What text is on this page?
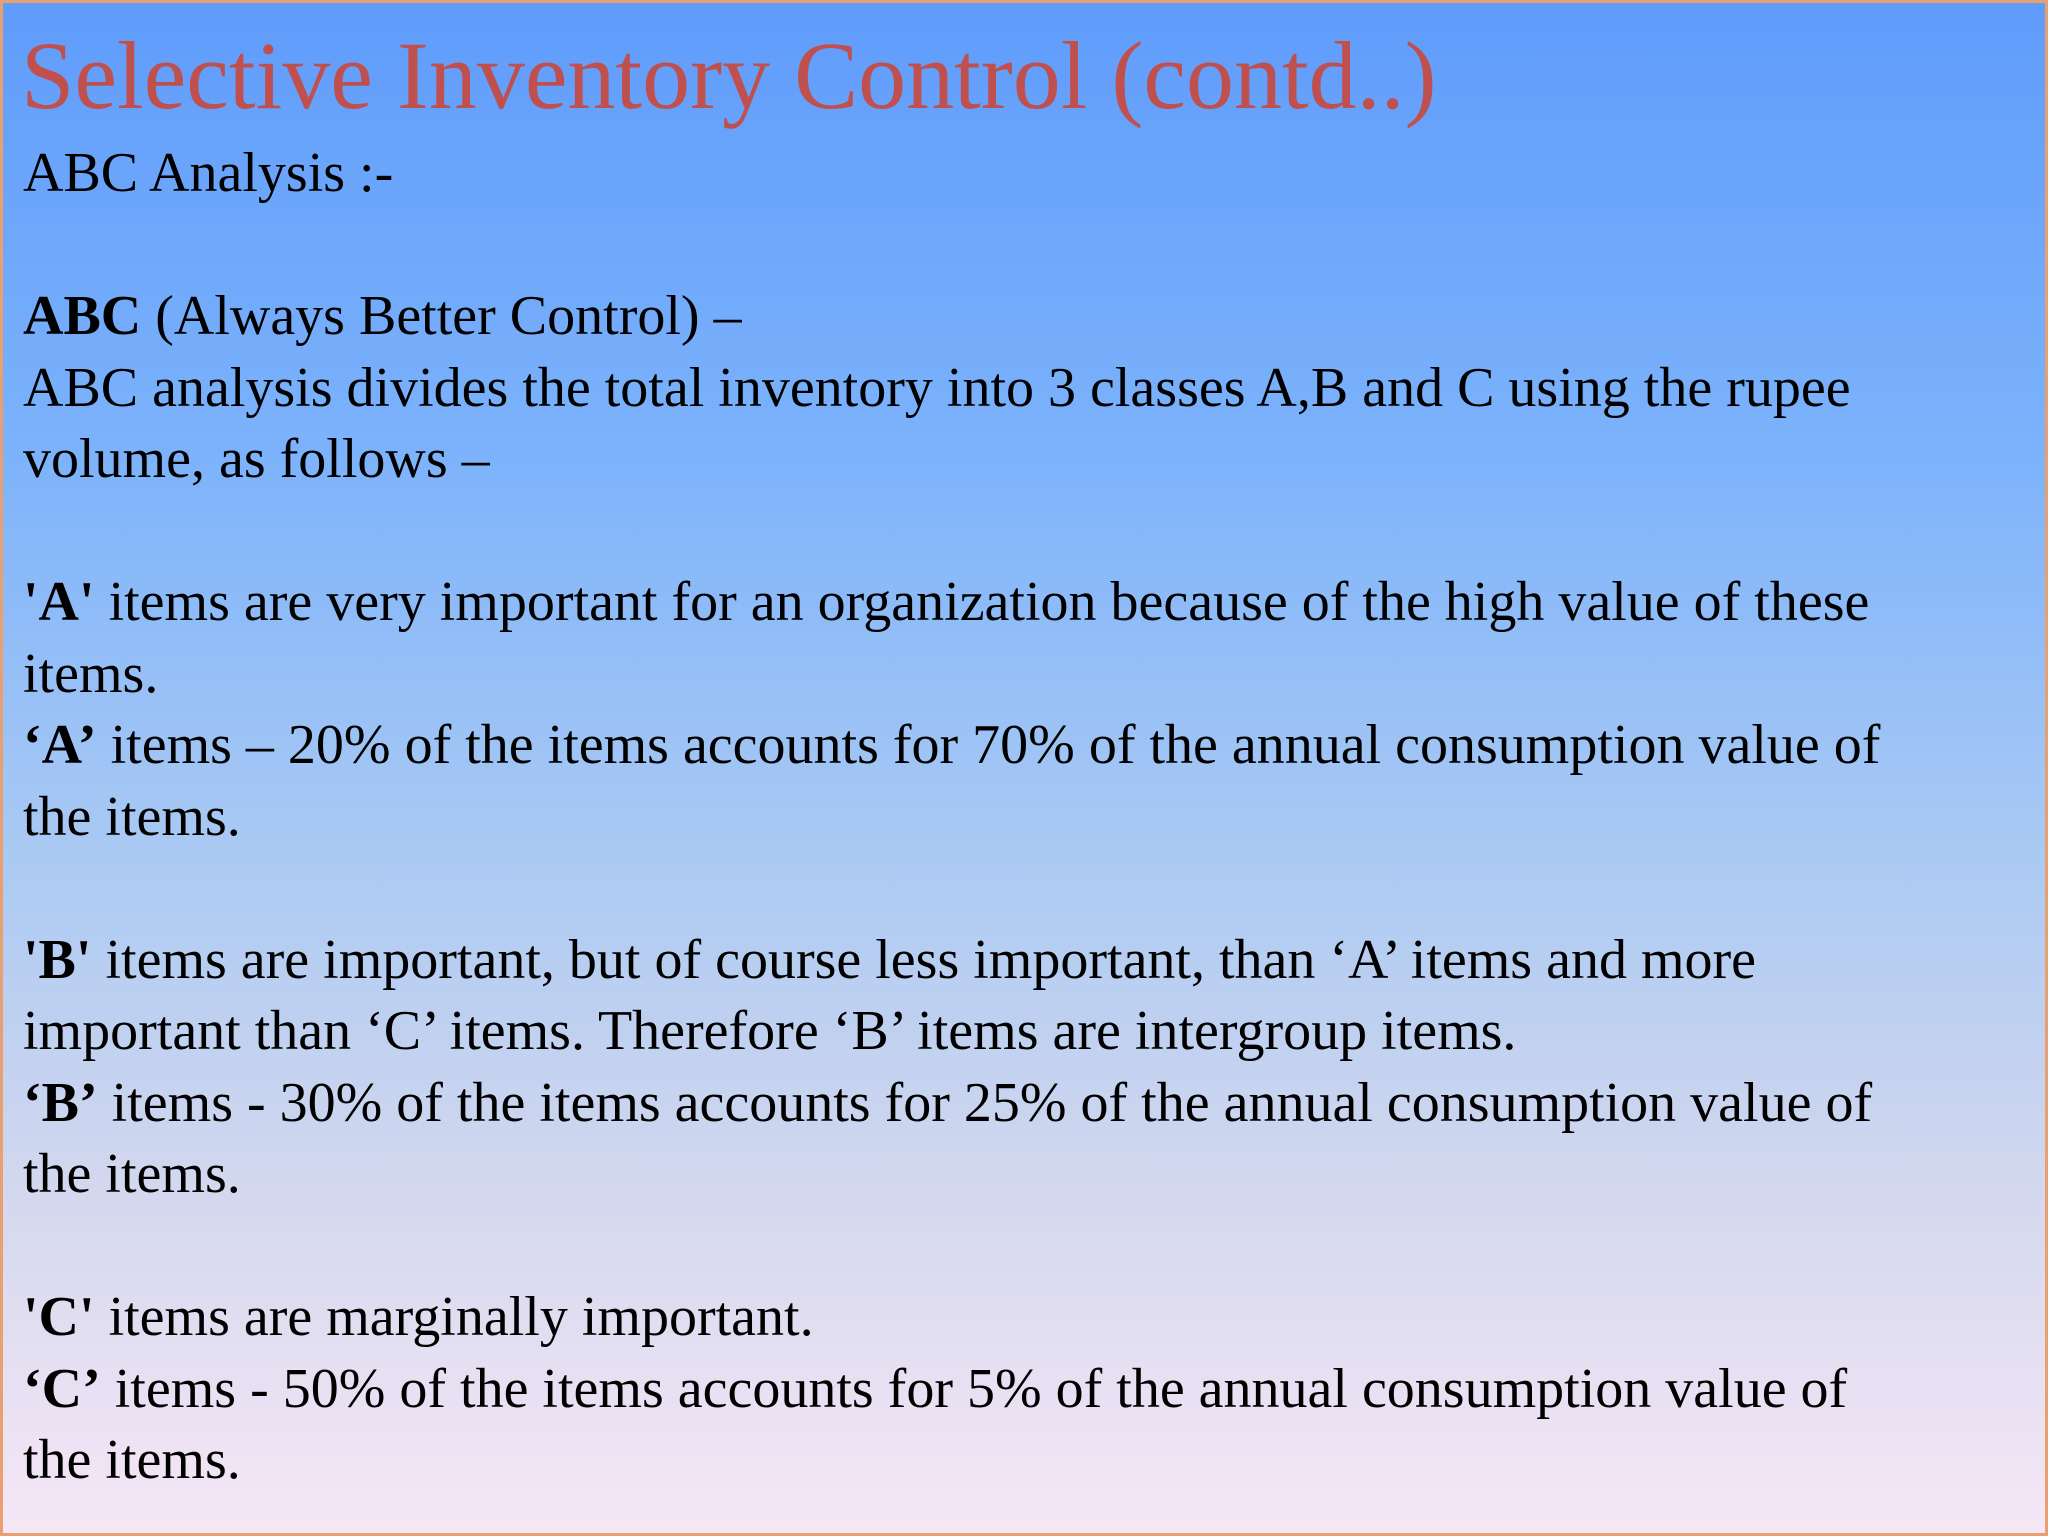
Selective Inventory Control (contd..)
ABC Analysis :-
ABC (Always Better Control) –
ABC analysis divides the total inventory into 3 classes A,B and C using the rupee
volume, as follows –
'A' items are very important for an organization because of the high value of these
items.
‘A’ items – 20% of the items accounts for 70% of the annual consumption value of
the items.
'B' items are important, but of course less important, than ‘A’ items and more
important than ‘C’ items. Therefore ‘B’ items are intergroup items.
‘B’ items - 30% of the items accounts for 25% of the annual consumption value of
the items.
'C' items are marginally important.
‘C’ items - 50% of the items accounts for 5% of the annual consumption value of
the items.
